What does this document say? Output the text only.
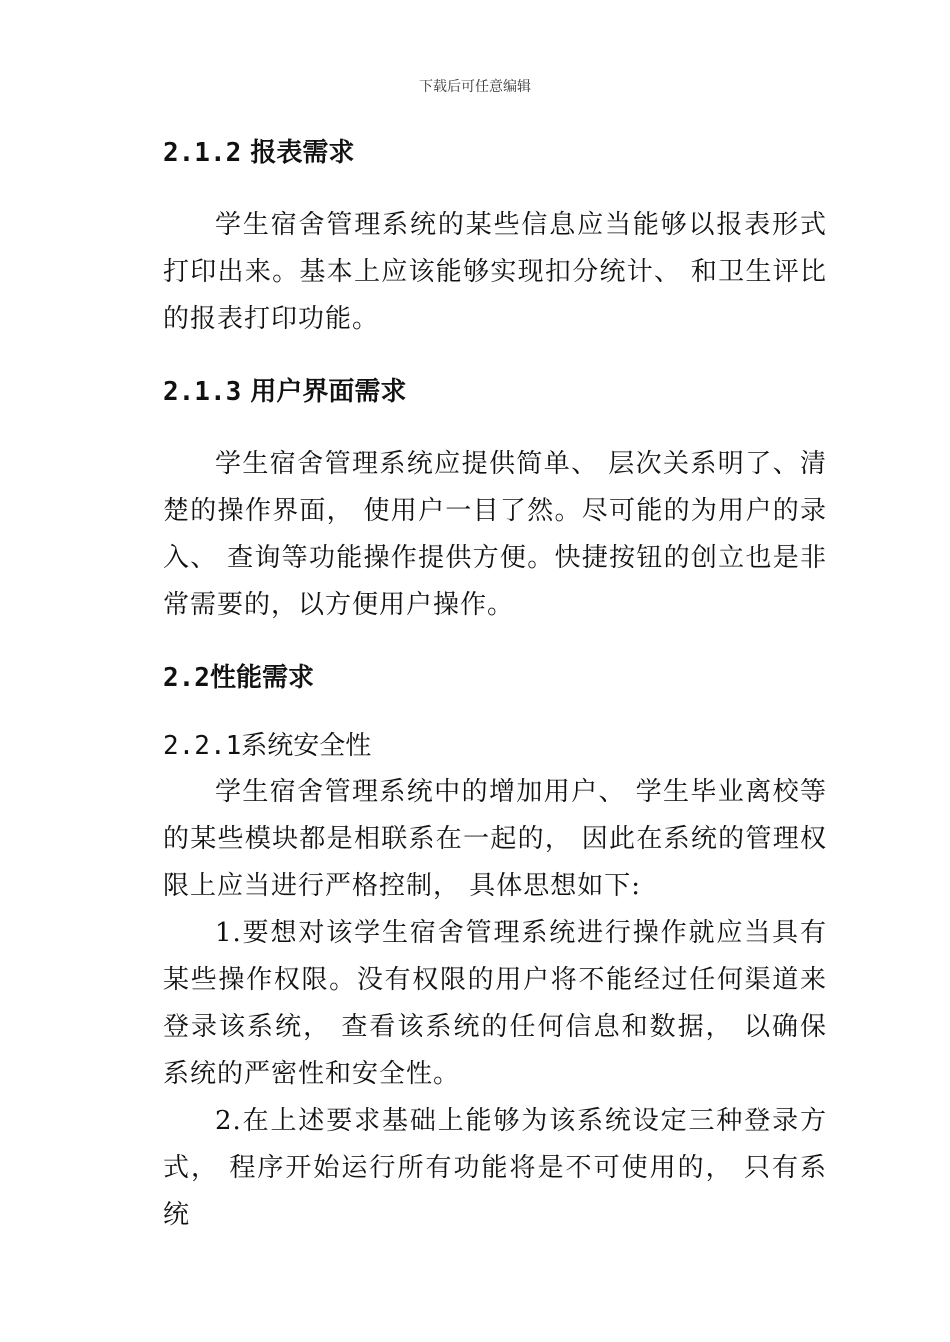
下载后可任意编辑
2.1.2 报表需求

学生宿舍管理系统的某些信息应当能够以报表形式打印出来。基本上应该能够实现扣分统计、 和卫生评比的报表打印功能。

2.1.3 用户界面需求

学生宿舍管理系统应提供简单、 层次关系明了、清楚的操作界面， 使用户一目了然。尽可能的为用户的录入、 查询等功能操作提供方便。快捷按钮的创立也是非常需要的，以方便用户操作。

2.2性能需求
2.2.1系统安全性

学生宿舍管理系统中的增加用户、 学生毕业离校等的某些模块都是相联系在一起的， 因此在系统的管理权限上应当进行严格控制， 具体思想如下:

1.要想对该学生宿舍管理系统进行操作就应当具有某些操作权限。没有权限的用户将不能经过任何渠道来登录该系统， 查看该系统的任何信息和数据， 以确保系统的严密性和安全性。

2.在上述要求基础上能够为该系统设定三种登录方式， 程序开始运行所有功能将是不可使用的， 只有系统
